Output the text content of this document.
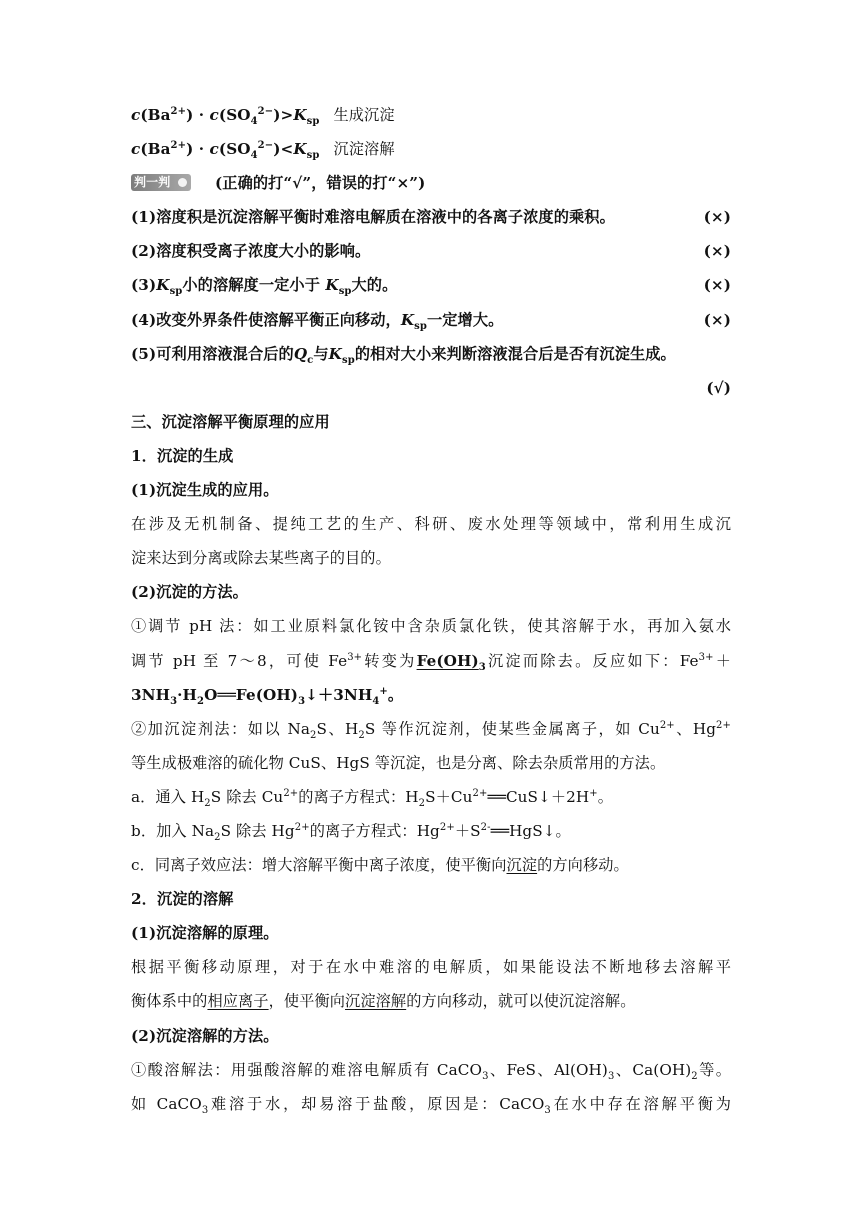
$c(Ba^{2+}) \cdot c(SO_4^{2-})>K_{sp}$ 生成沉淀
$c(Ba^{2+}) \cdot c(SO_4^{2-})<K_{sp}$ 沉淀溶解
判一判	(正确的打“√”，错误的打“×”)
(1)溶度积是沉淀溶解平衡时难溶电解质在溶液中的各离子浓度的乘积。	(×)
(2)溶度积受离子浓度大小的影响。	(×)
$(3)K_{sp}$小的溶解度一定小于 $K_{sp}$大的。	(×)
(4)改变外界条件使溶解平衡正向移动，$K_{sp}$一定增大。	(×)
(5)可利用溶液混合后的$Q_c$与$K_{sp}$的相对大小来判断溶液混合后是否有沉淀生成。
(√)
三、沉淀溶解平衡原理的应用
1．沉淀的生成
(1)沉淀生成的应用。
在涉及无机制备、提纯工艺的生产、科研、废水处理等领域中，常利用生成沉
淀来达到分离或除去某些离子的目的。
(2)沉淀的方法。
①调节 pH 法：如工业原料氯化铵中含杂质氯化铁，使其溶解于水，再加入氨水
调节 pH 至 7～8，可使 $Fe^{3+}$转变为$Fe(OH)_3$沉淀而除去。反应如下：$Fe^{3+}+$
$3NH_3\cdot H_2O══Fe(OH)_3↓+3NH_4^+$。
②加沉淀剂法：如以 $Na_2S$、$H_2S$ 等作沉淀剂，使某些金属离子，如 $Cu^{2+}$、$Hg^{2+}$
等生成极难溶的硫化物 CuS、HgS 等沉淀，也是分离、除去杂质常用的方法。
a．通入 $H_2S$ 除去 $Cu^{2+}$的离子方程式：$H_2S+Cu^{2+}══CuS↓+2H^+$。
b．加入 $Na_2S$ 除去 $Hg^{2+}$的离子方程式：$Hg^{2+}+S^{2-}══HgS↓$。
c．同离子效应法：增大溶解平衡中离子浓度，使平衡向沉淀的方向移动。
2．沉淀的溶解
(1)沉淀溶解的原理。
根据平衡移动原理，对于在水中难溶的电解质，如果能设法不断地移去溶解平
衡体系中的相应离子，使平衡向沉淀溶解的方向移动，就可以使沉淀溶解。
(2)沉淀溶解的方法。
①酸溶解法：用强酸溶解的难溶电解质有 CaCO$_3$、FeS、$Al(OH)_3$、$Ca(OH)_2$等。
如 CaCO$_3$难溶于水，却易溶于盐酸，原因是：CaCO$_3$在水中存在溶解平衡为
